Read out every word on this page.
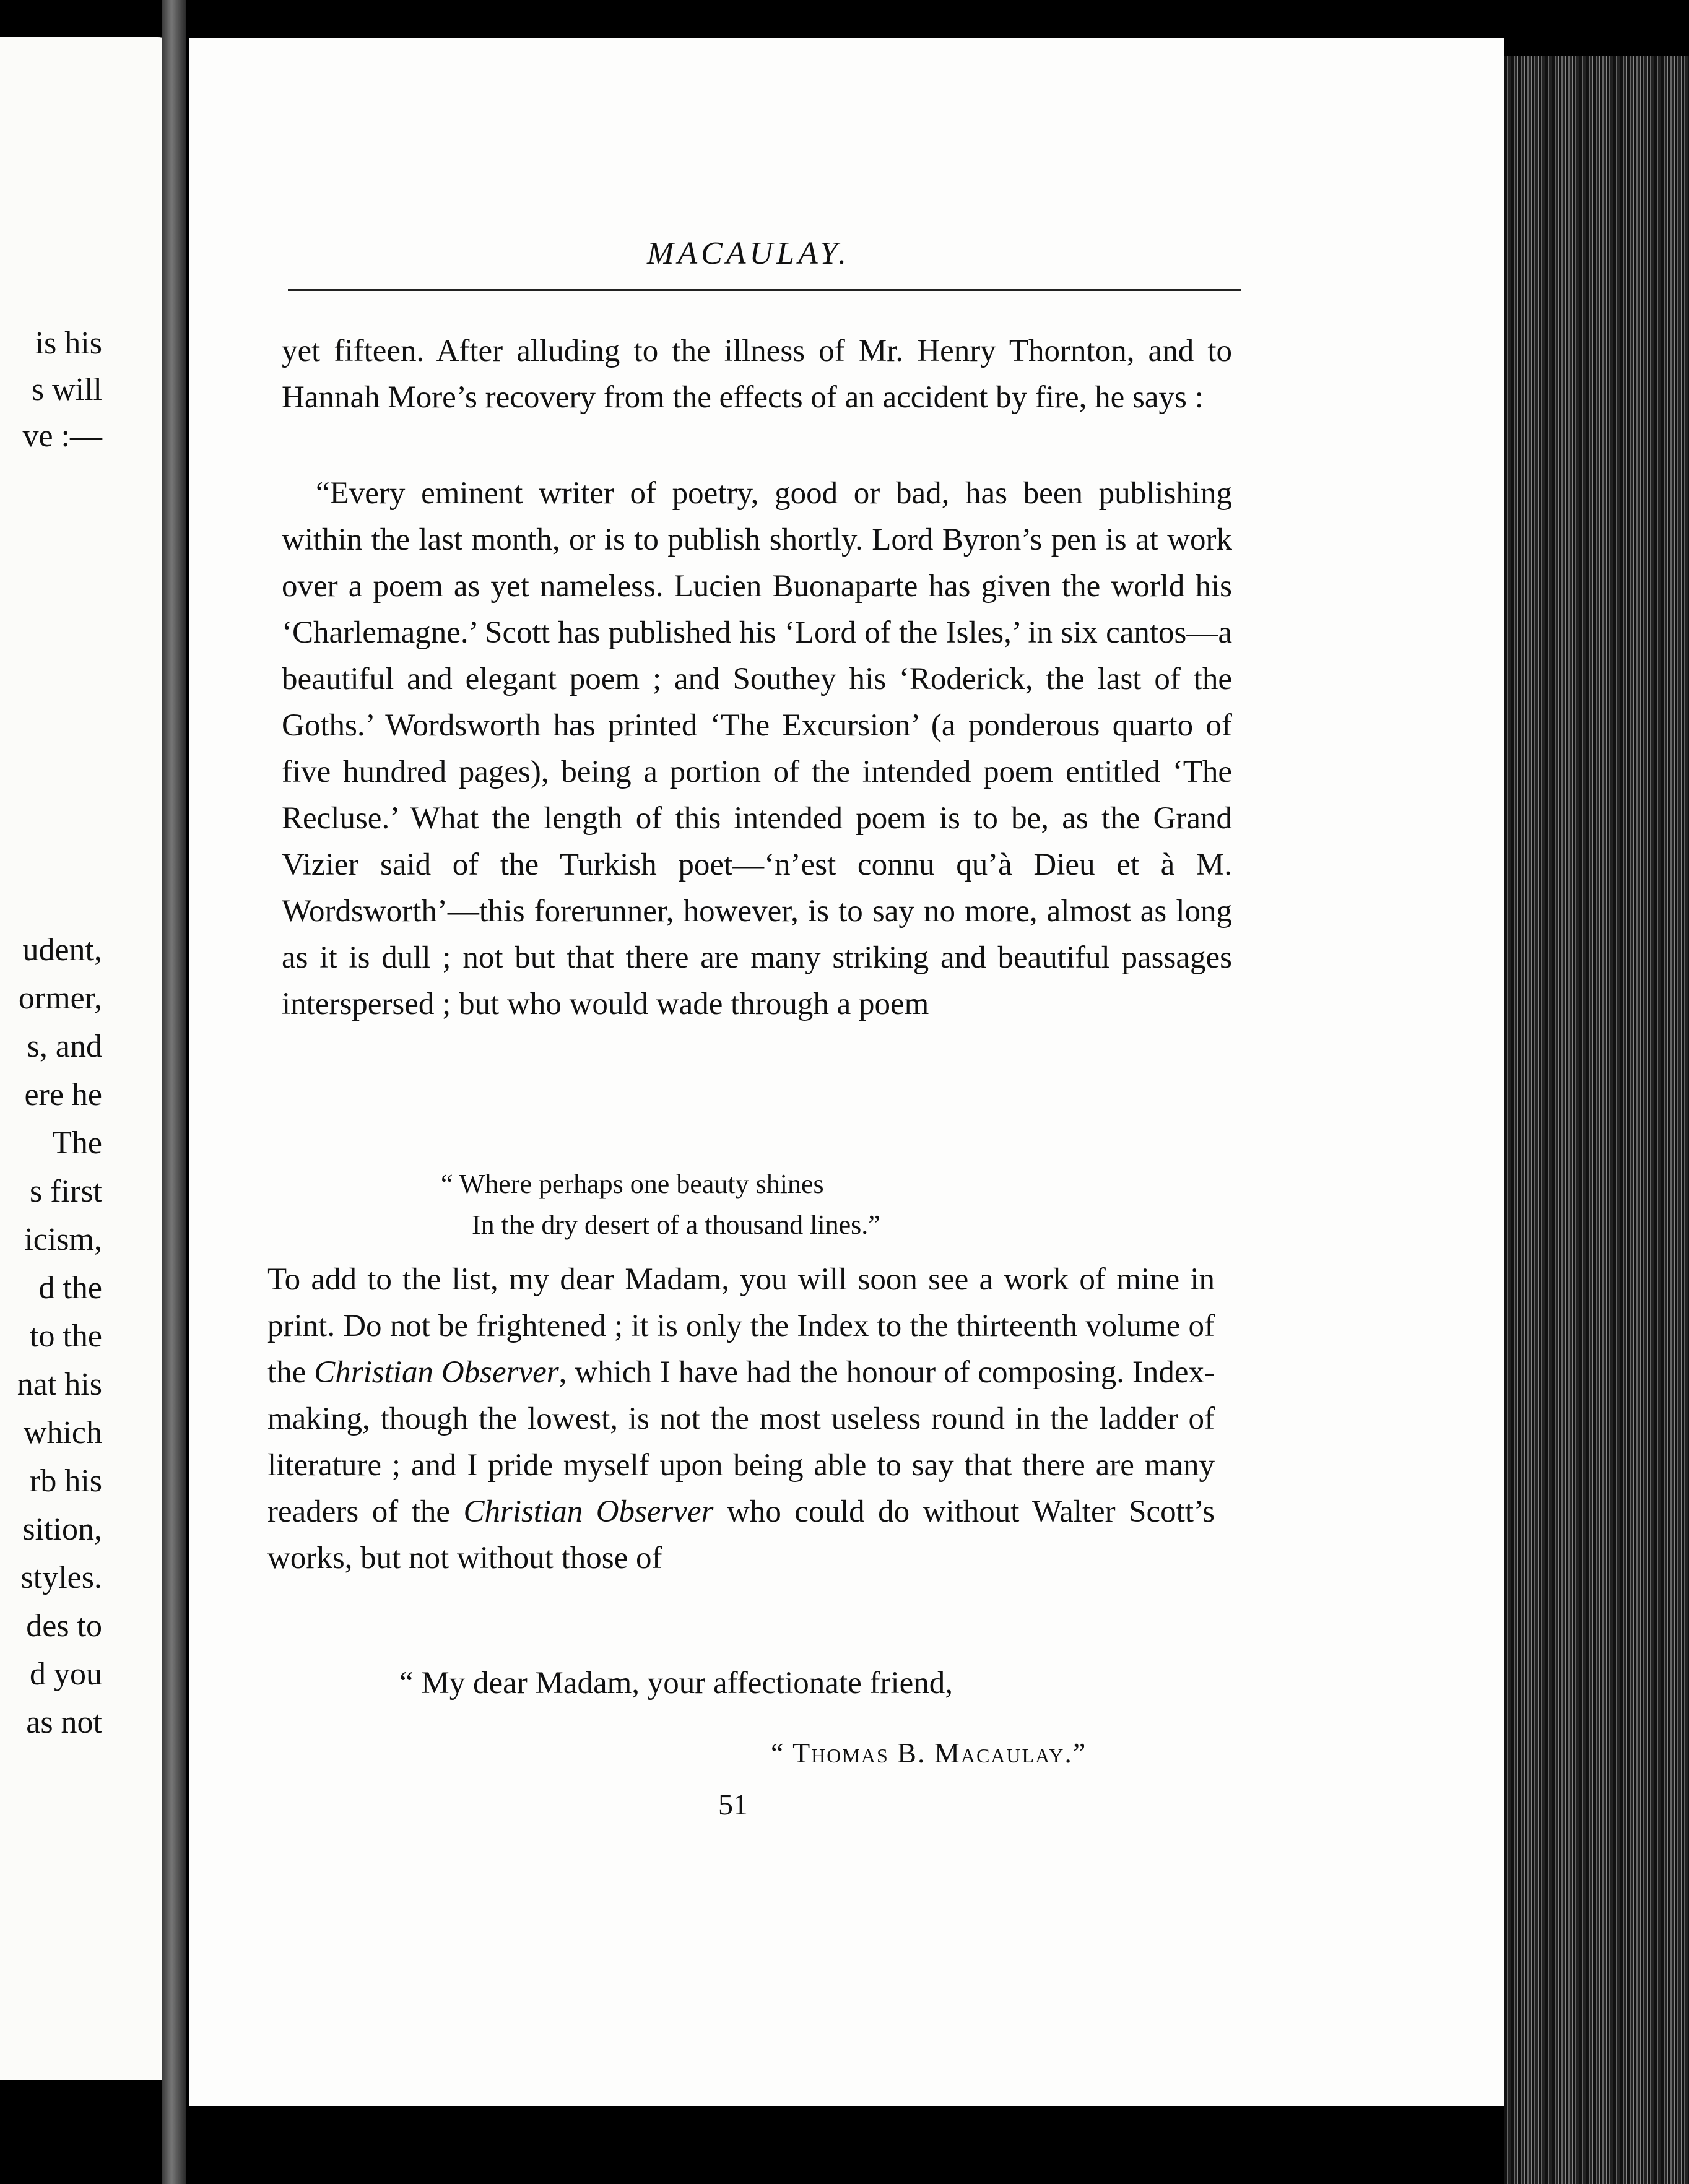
is his
s will
ve :—
udent,
ormer,
s, and
ere he
The
s first
icism,
d the
to the
nat his
which
rb his
sition,
styles.
des to
d you
as not
MACAULAY.
yet fifteen. After alluding to the illness of Mr. Henry Thornton, and to Hannah More’s recovery from the effects of an accident by fire, he says :
“Every eminent writer of poetry, good or bad, has been publishing within the last month, or is to publish shortly. Lord Byron’s pen is at work over a poem as yet nameless. Lucien Buonaparte has given the world his ‘Charlemagne.’ Scott has published his ‘Lord of the Isles,’ in six cantos—a beautiful and elegant poem ; and Southey his ‘Roderick, the last of the Goths.’ Wordsworth has printed ‘The Excursion’ (a ponderous quarto of five hundred pages), being a portion of the intended poem entitled ‘The Recluse.’ What the length of this intended poem is to be, as the Grand Vizier said of the Turkish poet—‘n’est connu qu’à Dieu et à M. Wordsworth’—this forerunner, however, is to say no more, almost as long as it is dull ; not but that there are many striking and beautiful passages interspersed ; but who would wade through a poem
“ Where perhaps one beauty shines
In the dry desert of a thousand lines.”
To add to the list, my dear Madam, you will soon see a work of mine in print. Do not be frightened ; it is only the Index to the thirteenth volume of the Christian Observer, which I have had the honour of composing. Index-making, though the lowest, is not the most useless round in the ladder of literature ; and I pride myself upon being able to say that there are many readers of the Christian Observer who could do without Walter Scott’s works, but not without those of
“ My dear Madam, your affectionate friend,
“ Thomas B. Macaulay.”
51
